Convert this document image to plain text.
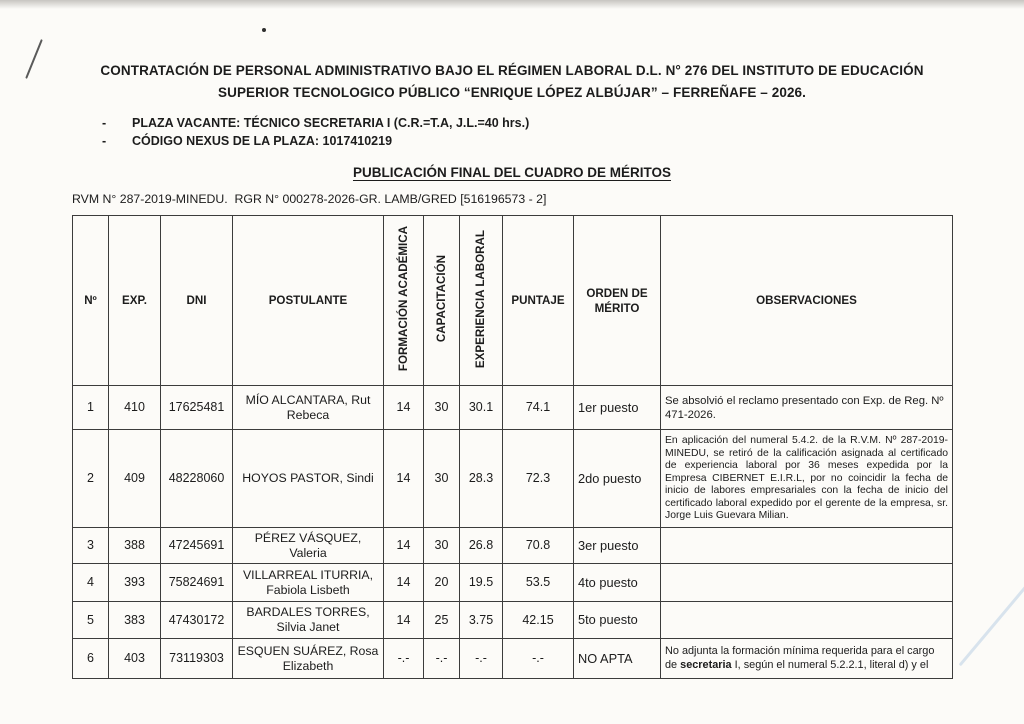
CONTRATACIÓN DE PERSONAL ADMINISTRATIVO BAJO EL RÉGIMEN LABORAL D.L. N° 276 DEL INSTITUTO DE EDUCACIÓN SUPERIOR TECNOLOGICO PÚBLICO “ENRIQUE LÓPEZ ALBÚJAR” – FERREÑAFE – 2026.
-	PLAZA VACANTE: TÉCNICO SECRETARIA I (C.R.=T.A, J.L.=40 hrs.)
-	CÓDIGO NEXUS DE LA PLAZA: 1017410219
PUBLICACIÓN FINAL DEL CUADRO DE MÉRITOS
RVM N° 287-2019-MINEDU.  RGR N° 000278-2026-GR. LAMB/GRED [516196573 - 2]
Nº	EXP.	DNI	POSTULANTE	FORMACIÓN ACADÉMICA	CAPACITACIÓN	EXPERIENCIA LABORAL	PUNTAJE	ORDEN DE MÉRITO	OBSERVACIONES
1	410	17625481	MÍO ALCANTARA, Rut Rebeca	14	30	30.1	74.1	1er puesto	Se absolvió el reclamo presentado con Exp. de Reg. Nº 471-2026.
2	409	48228060	HOYOS PASTOR, Sindi	14	30	28.3	72.3	2do puesto	En aplicación del numeral 5.4.2. de la R.V.M. Nº 287-2019-MINEDU, se retiró de la calificación asignada al certificado de experiencia laboral por 36 meses expedida por la Empresa CIBERNET E.I.R.L, por no coincidir la fecha de inicio de labores empresariales con la fecha de inicio del certificado laboral expedido por el gerente de la empresa, sr. Jorge Luis Guevara Milian.
3	388	47245691	PÉREZ VÁSQUEZ, Valeria	14	30	26.8	70.8	3er puesto	
4	393	75824691	VILLARREAL ITURRIA, Fabiola Lisbeth	14	20	19.5	53.5	4to puesto	
5	383	47430172	BARDALES TORRES, Silvia Janet	14	25	3.75	42.15	5to puesto	
6	403	73119303	ESQUEN SUÁREZ, Rosa Elizabeth	-.-	-.-	-.-	-.-	NO APTA	No adjunta la formación mínima requerida para el cargo de secretaria I, según el numeral 5.2.2.1, literal d) y el
